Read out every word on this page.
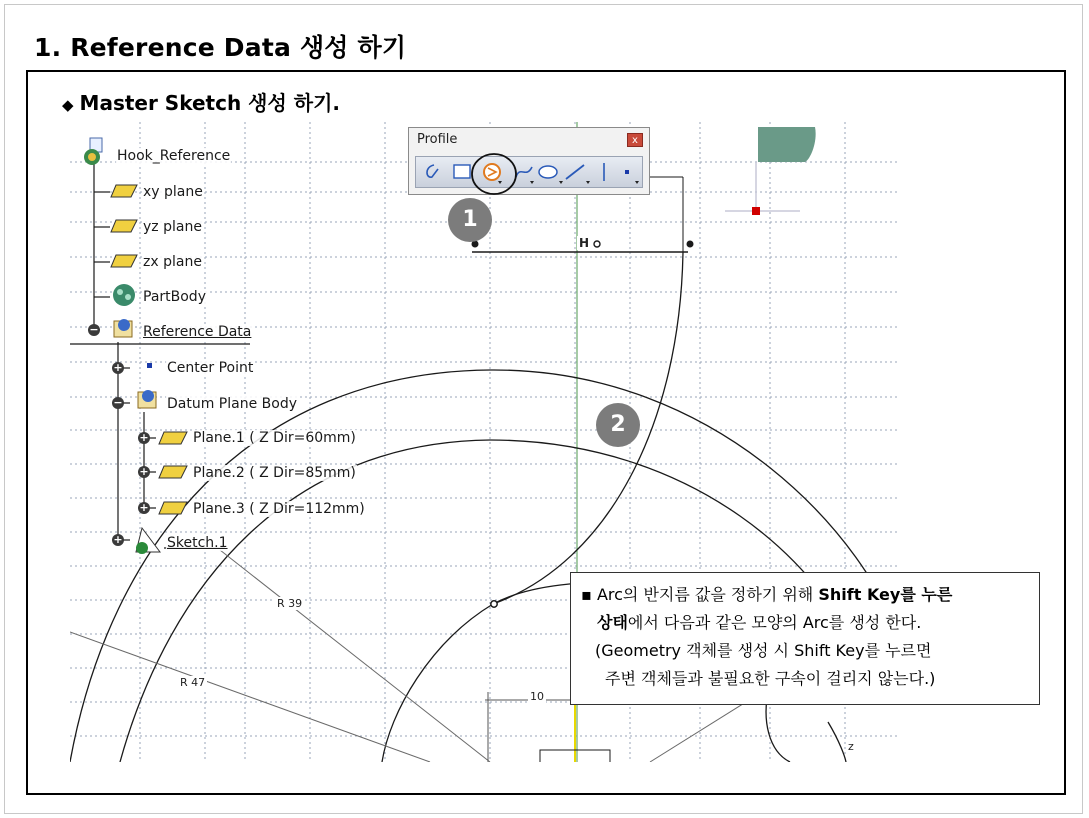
1. Reference Data 생성 하기
◆ Master Sketch 생성 하기.
Hook_Reference
xy plane
yz plane
zx plane
PartBody
−	Reference Data
+	Center Point
−	Datum Plane Body
+	Plane.1 ( Z Dir=60mm)
+	Plane.2 ( Z Dir=85mm)
+	Plane.3 ( Z Dir=112mm)
+	Sketch.1
R 39
R 47
10
z
H
Profile	x
1
2
▪ Arc의 반지름 값을 정하기 위해 Shift Key를 누른
상태에서 다음과 같은 모양의 Arc를 생성 한다.
(Geometry 객체를 생성 시 Shift Key를 누르면
주변 객체들과 불필요한 구속이 걸리지 않는다.)
